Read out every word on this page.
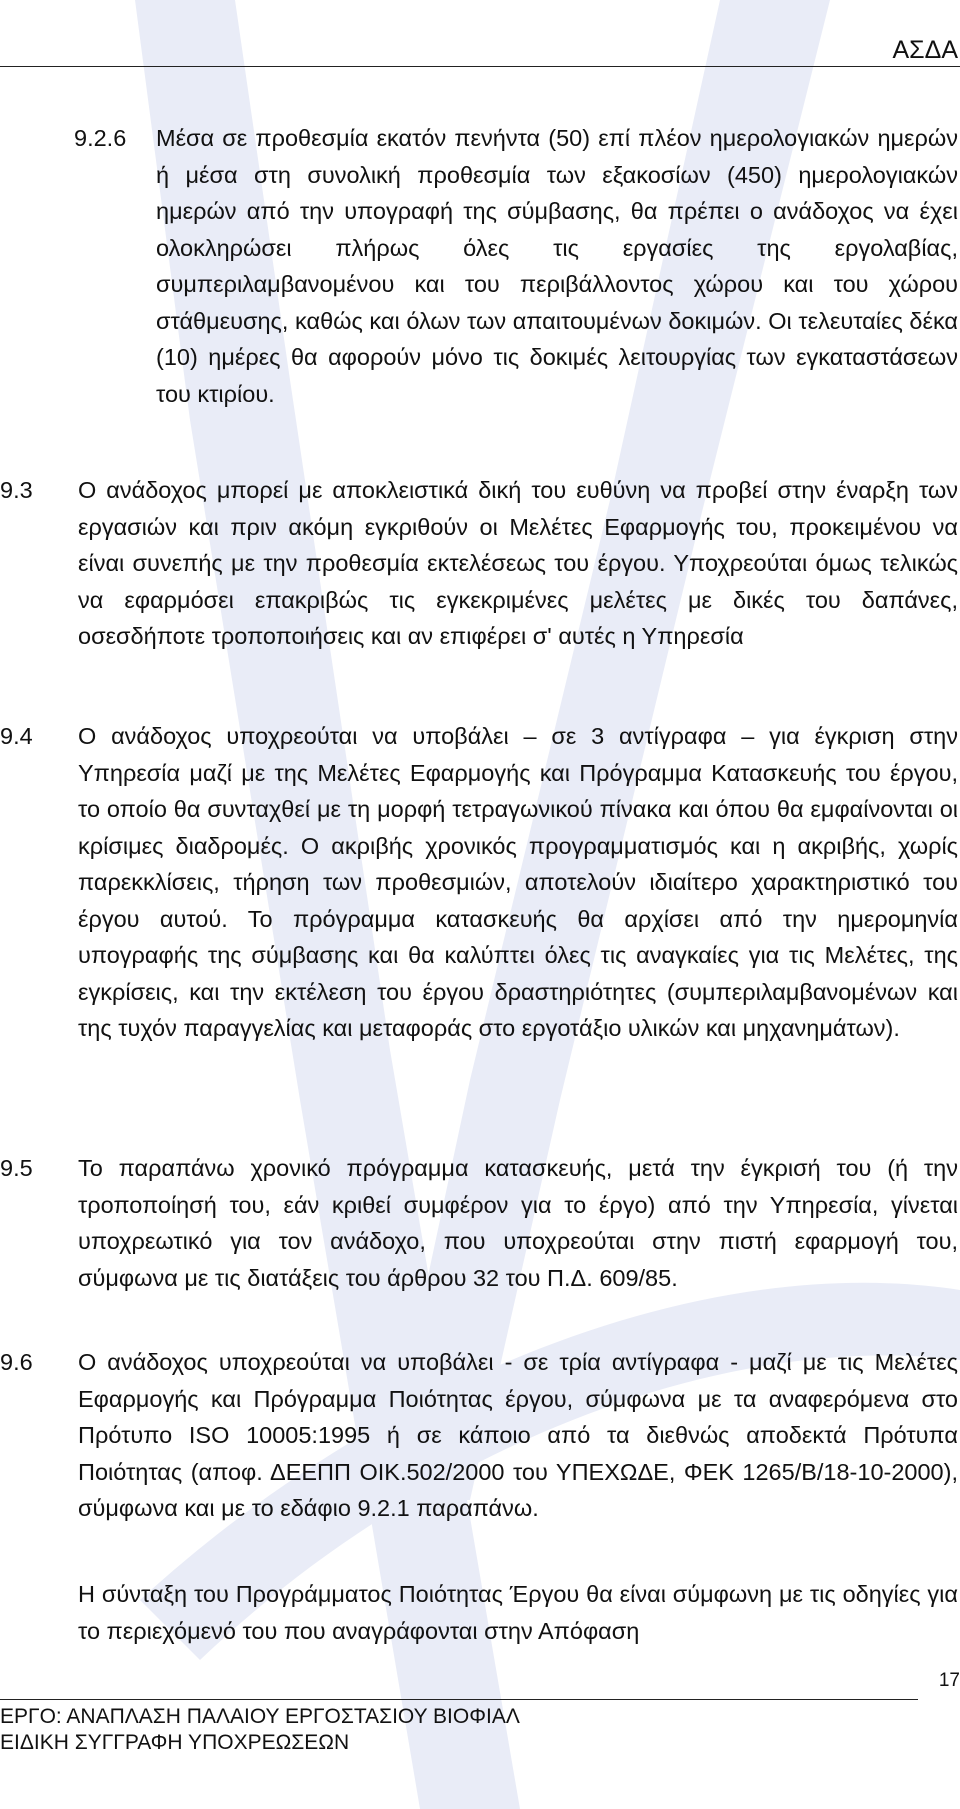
ΑΣΔΑ
9.2.6 Μέσα σε προθεσμία εκατόν πενήντα (50) επί πλέον ημερολογιακών ημερών ή μέσα στη συνολική προθεσμία των εξακοσίων (450) ημερολογιακών ημερών από την υπογραφή της σύμβασης, θα πρέπει ο ανάδοχος να έχει ολοκληρώσει πλήρως όλες τις εργασίες της εργολαβίας, συμπεριλαμβανομένου και του περιβάλλοντος χώρου και του χώρου στάθμευσης, καθώς και όλων των απαιτουμένων δοκιμών. Οι τελευταίες δέκα (10) ημέρες θα αφορούν μόνο τις δοκιμές λειτουργίας των εγκαταστάσεων του κτιρίου.
9.3 Ο ανάδοχος μπορεί με αποκλειστικά δική του ευθύνη να προβεί στην έναρξη των εργασιών και πριν ακόμη εγκριθούν οι Μελέτες Εφαρμογής του, προκειμένου να είναι συνεπής με την προθεσμία εκτελέσεως του έργου. Υποχρεούται όμως τελικώς να εφαρμόσει επακριβώς τις εγκεκριμένες μελέτες με δικές του δαπάνες, οσεσδήποτε τροποποιήσεις και αν επιφέρει σ' αυτές η Υπηρεσία
9.4 Ο ανάδοχος υποχρεούται να υποβάλει – σε 3 αντίγραφα – για έγκριση στην Υπηρεσία μαζί με της Μελέτες Εφαρμογής και Πρόγραμμα Κατασκευής του έργου, το οποίο θα συνταχθεί με τη μορφή τετραγωνικού πίνακα και όπου θα εμφαίνονται οι κρίσιμες διαδρομές. Ο ακριβής χρονικός προγραμματισμός και η ακριβής, χωρίς παρεκκλίσεις, τήρηση των προθεσμιών, αποτελούν ιδιαίτερο χαρακτηριστικό του έργου αυτού. Το πρόγραμμα κατασκευής θα αρχίσει από την ημερομηνία υπογραφής της σύμβασης και θα καλύπτει όλες τις αναγκαίες για τις Μελέτες, της εγκρίσεις, και την εκτέλεση του έργου δραστηριότητες (συμπεριλαμβανομένων και της τυχόν παραγγελίας και μεταφοράς στο εργοτάξιο υλικών και μηχανημάτων).
9.5 Το παραπάνω χρονικό πρόγραμμα κατασκευής, μετά την έγκρισή του (ή την τροποποίησή του, εάν κριθεί συμφέρον για το έργο) από την Υπηρεσία, γίνεται υποχρεωτικό για τον ανάδοχο, που υποχρεούται στην πιστή εφαρμογή του, σύμφωνα με τις διατάξεις του άρθρου 32 του Π.Δ. 609/85.
9.6 Ο ανάδοχος υποχρεούται να υποβάλει - σε τρία αντίγραφα - μαζί με τις Μελέτες Εφαρμογής και Πρόγραμμα Ποιότητας έργου, σύμφωνα με τα αναφερόμενα στο Πρότυπο ISO 10005:1995 ή σε κάποιο από τα διεθνώς αποδεκτά Πρότυπα Ποιότητας (αποφ. ΔΕΕΠΠ ΟΙΚ.502/2000 του ΥΠΕΧΩΔΕ, ΦΕΚ 1265/Β/18-10-2000), σύμφωνα και με το εδάφιο 9.2.1 παραπάνω.
Η σύνταξη του Προγράμματος Ποιότητας Έργου θα είναι σύμφωνη με τις οδηγίες για το περιεχόμενό του που αναγράφονται στην Απόφαση
17
ΕΡΓΟ: ΑΝΑΠΛΑΣΗ ΠΑΛΑΙΟΥ ΕΡΓΟΣΤΑΣΙΟΥ ΒΙΟΦΙΑΛ
ΕΙΔΙΚΗ ΣΥΓΓΡΑΦΗ ΥΠΟΧΡΕΩΣΕΩΝ
